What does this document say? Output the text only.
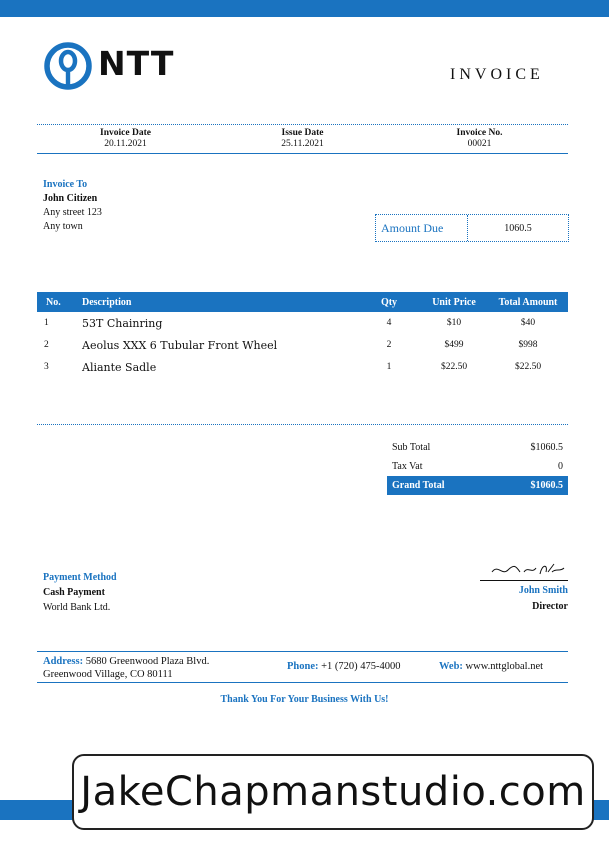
NTT	INVOICE
Invoice Date
20.11.2021
Issue Date
25.11.2021
Invoice No.
00021
Invoice To
John Citizen
Any street 123
Any town	Amount Due	1060.5
No.	Description	Qty	Unit Price	Total Amount
1	53T Chainring	4	$10	$40
2	Aeolus XXX 6 Tubular Front Wheel	2	$499	$998
3	Aliante Sadle	1	$22.50	$22.50
Sub Total	$1060.5
Tax Vat	0
Grand Total	$1060.5
Payment Method
Cash Payment
World Bank Ltd.
John Smith
Director
Address: 5680 Greenwood Plaza Blvd.
Greenwood Village, CO 80111
Phone: +1 (720) 475-4000	Web: www.nttglobal.net
Thank You For Your Business With Us!
JakeChapmanstudio.com
